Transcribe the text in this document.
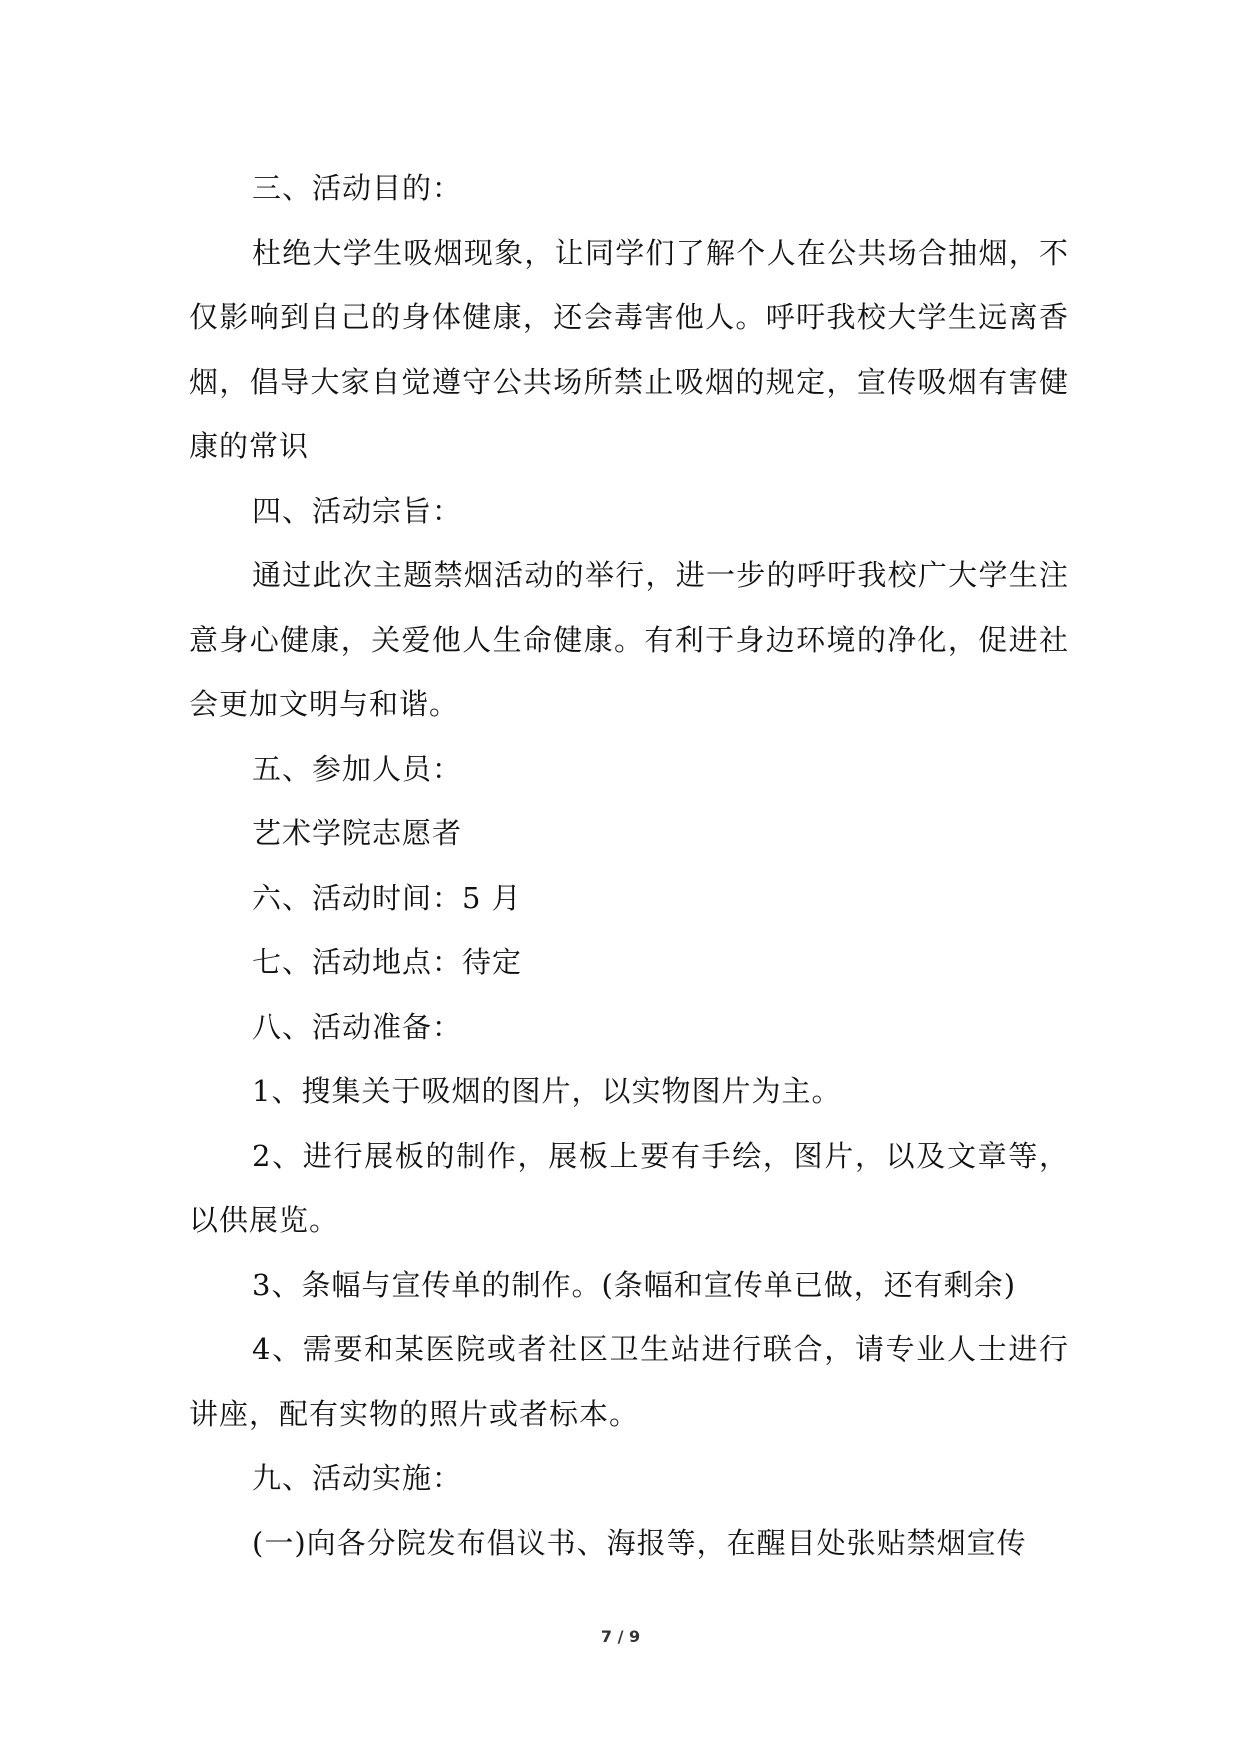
三、活动目的：

杜绝大学生吸烟现象，让同学们了解个人在公共场合抽烟，不仅影响到自己的身体健康，还会毒害他人。呼吁我校大学生远离香烟，倡导大家自觉遵守公共场所禁止吸烟的规定，宣传吸烟有害健康的常识

四、活动宗旨：

通过此次主题禁烟活动的举行，进一步的呼吁我校广大学生注意身心健康，关爱他人生命健康。有利于身边环境的净化，促进社会更加文明与和谐。

五、参加人员：

艺术学院志愿者

六、活动时间：5 月

七、活动地点：待定

八、活动准备：

1、搜集关于吸烟的图片，以实物图片为主。

2、进行展板的制作，展板上要有手绘，图片，以及文章等，以供展览。

3、条幅与宣传单的制作。(条幅和宣传单已做，还有剩余)

4、需要和某医院或者社区卫生站进行联合，请专业人士进行讲座，配有实物的照片或者标本。

九、活动实施：

(一)向各分院发布倡议书、海报等，在醒目处张贴禁烟宣传

7 / 9
